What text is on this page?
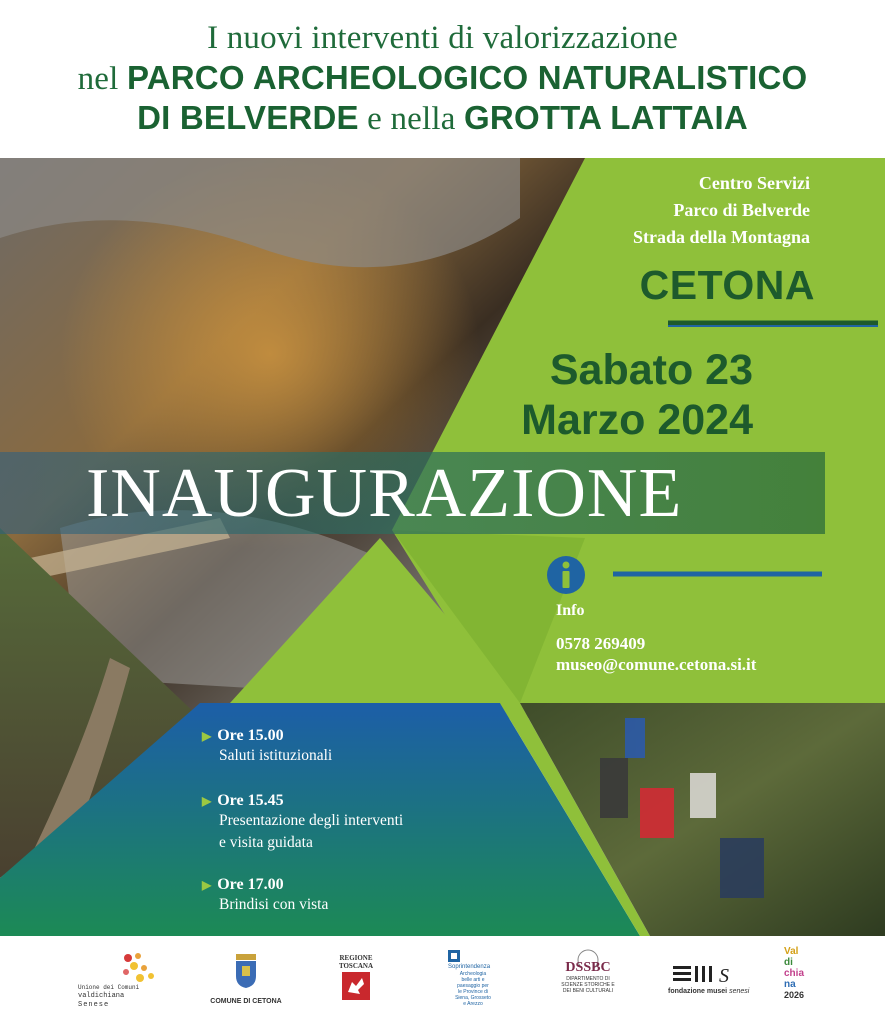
I nuovi interventi di valorizzazione
nel PARCO ARCHEOLOGICO NATURALISTICO
DI BELVERDE e nella GROTTA LATTAIA
Centro Servizi
Parco di Belverde
Strada della Montagna
CETONA
Sabato 23
Marzo 2024
INAUGURAZIONE
Info
0578 269409
museo@comune.cetona.si.it
▶ Ore 15.00
Saluti istituzionali
▶ Ore 15.45
Presentazione degli interventi
e visita guidata
▶ Ore 17.00
Brindisi con vista
Unione dei Comuni
valdichiana
Senese	COMUNE DI CETONA
REGIONE
TOSCANA	Soprintendenza
Archeologia
belle arti e
paesaggio per
le Province di
Siena, Grosseto
e Arezzo
DSSBC
DIPARTIMENTO DI
SCIENZE STORICHE E
DEI BENI CULTURALI
S
fondazione musei senesi
Val
di
chia
na
2026
